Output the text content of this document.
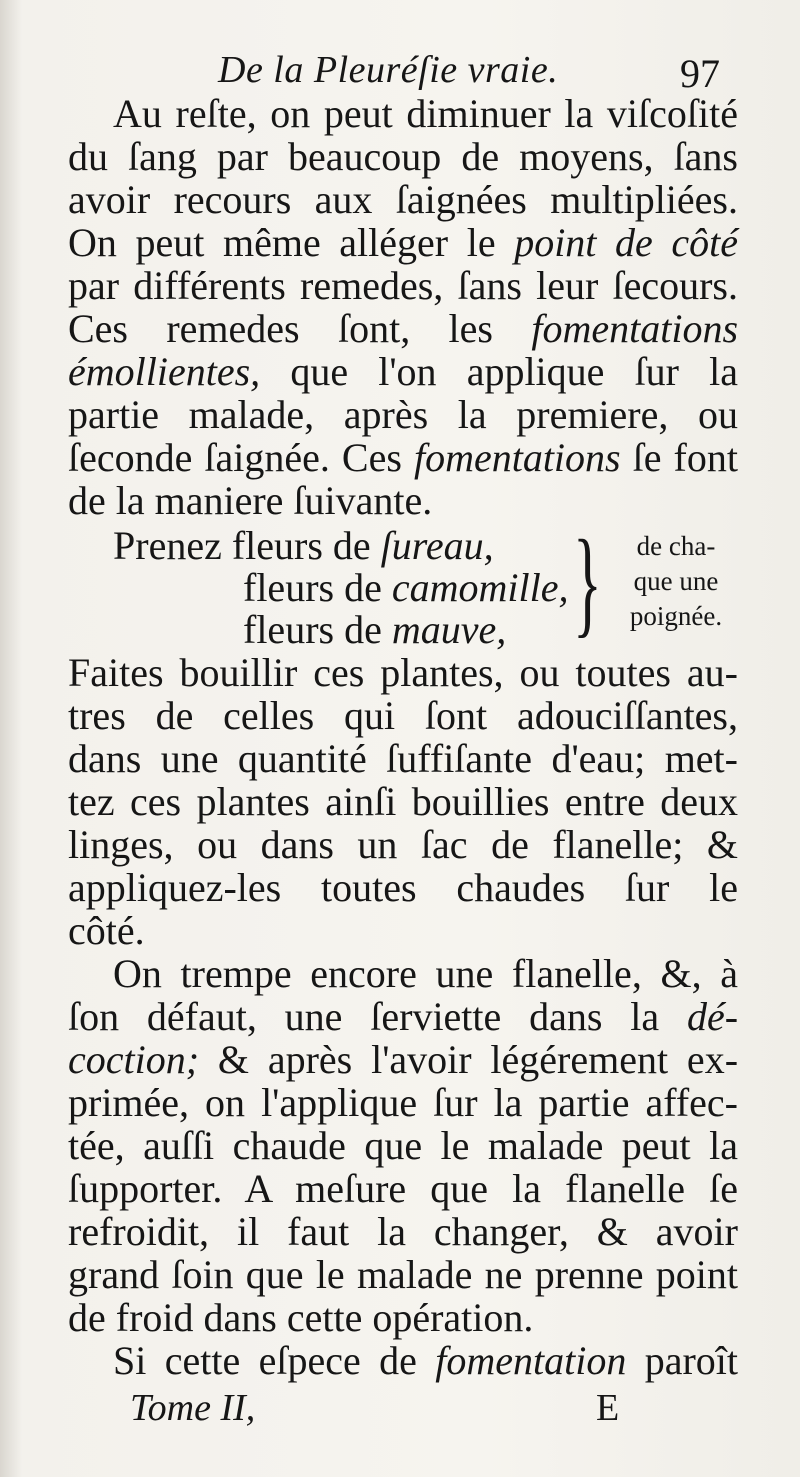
De la Pleuréſie vraie.	97
Au reſte, on peut diminuer la viſcoſité
du ſang par beaucoup de moyens, ſans
avoir recours aux ſaignées multipliées.
On peut même alléger le point de côté
par différents remedes, ſans leur ſecours.
Ces remedes ſont, les fomentations
émollientes, que l'on applique ſur la
partie malade, après la premiere, ou
ſeconde ſaignée. Ces fomentations ſe font
de la maniere ſuivante.
Prenez fleurs de ſureau,
fleurs de camomille,
fleurs de mauve, }	de cha-
que une
poignée.
Faites bouillir ces plantes, ou toutes au-
tres de celles qui ſont adouciſſantes,
dans une quantité ſuffiſante d'eau; met-
tez ces plantes ainſi bouillies entre deux
linges, ou dans un ſac de flanelle; &
appliquez-les toutes chaudes ſur le
côté.
On trempe encore une flanelle, &, à
ſon défaut, une ſerviette dans la dé-
coction; & après l'avoir légérement ex-
primée, on l'applique ſur la partie affec-
tée, auſſi chaude que le malade peut la
ſupporter. A meſure que la flanelle ſe
refroidit, il faut la changer, & avoir
grand ſoin que le malade ne prenne point
de froid dans cette opération.
Si cette eſpece de fomentation paroît
Tome II,	E
